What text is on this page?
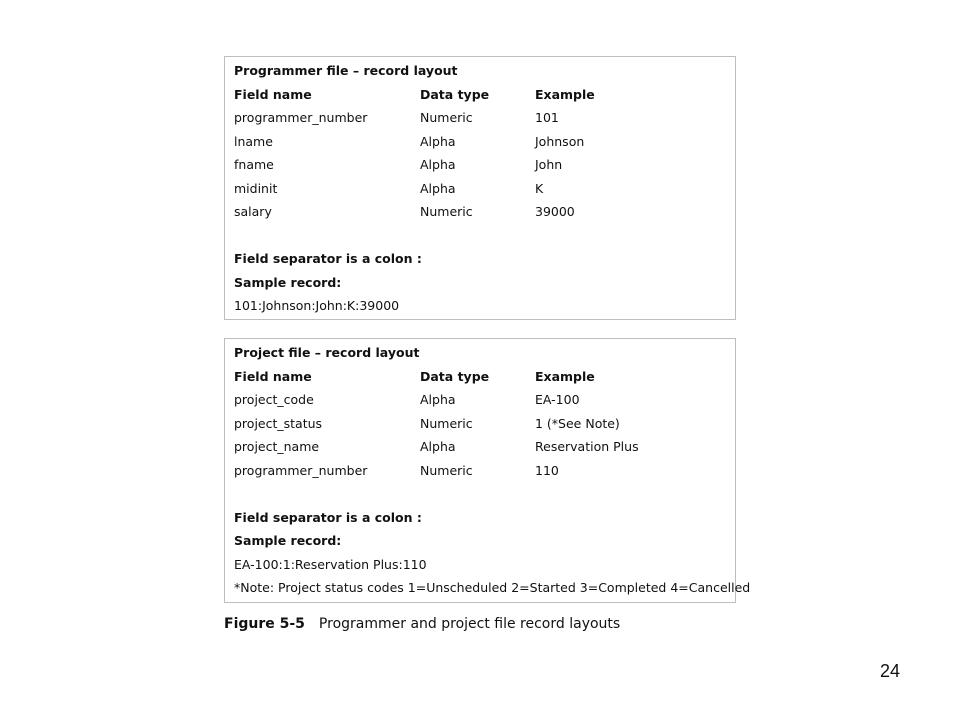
Programmer file – record layout
Field name	Data type	Example
programmer_number	Numeric	101
lname	Alpha	Johnson
fname	Alpha	John
midinit	Alpha	K
salary	Numeric	39000
Field separator is a colon :
Sample record:
101:Johnson:John:K:39000
Project file – record layout
Field name	Data type	Example
project_code	Alpha	EA-100
project_status	Numeric	1 (*See Note)
project_name	Alpha	Reservation Plus
programmer_number	Numeric	110
Field separator is a colon :
Sample record:
EA-100:1:Reservation Plus:110
*Note: Project status codes 1=Unscheduled 2=Started 3=Completed 4=Cancelled
Figure 5-5 Programmer and project file record layouts
24
